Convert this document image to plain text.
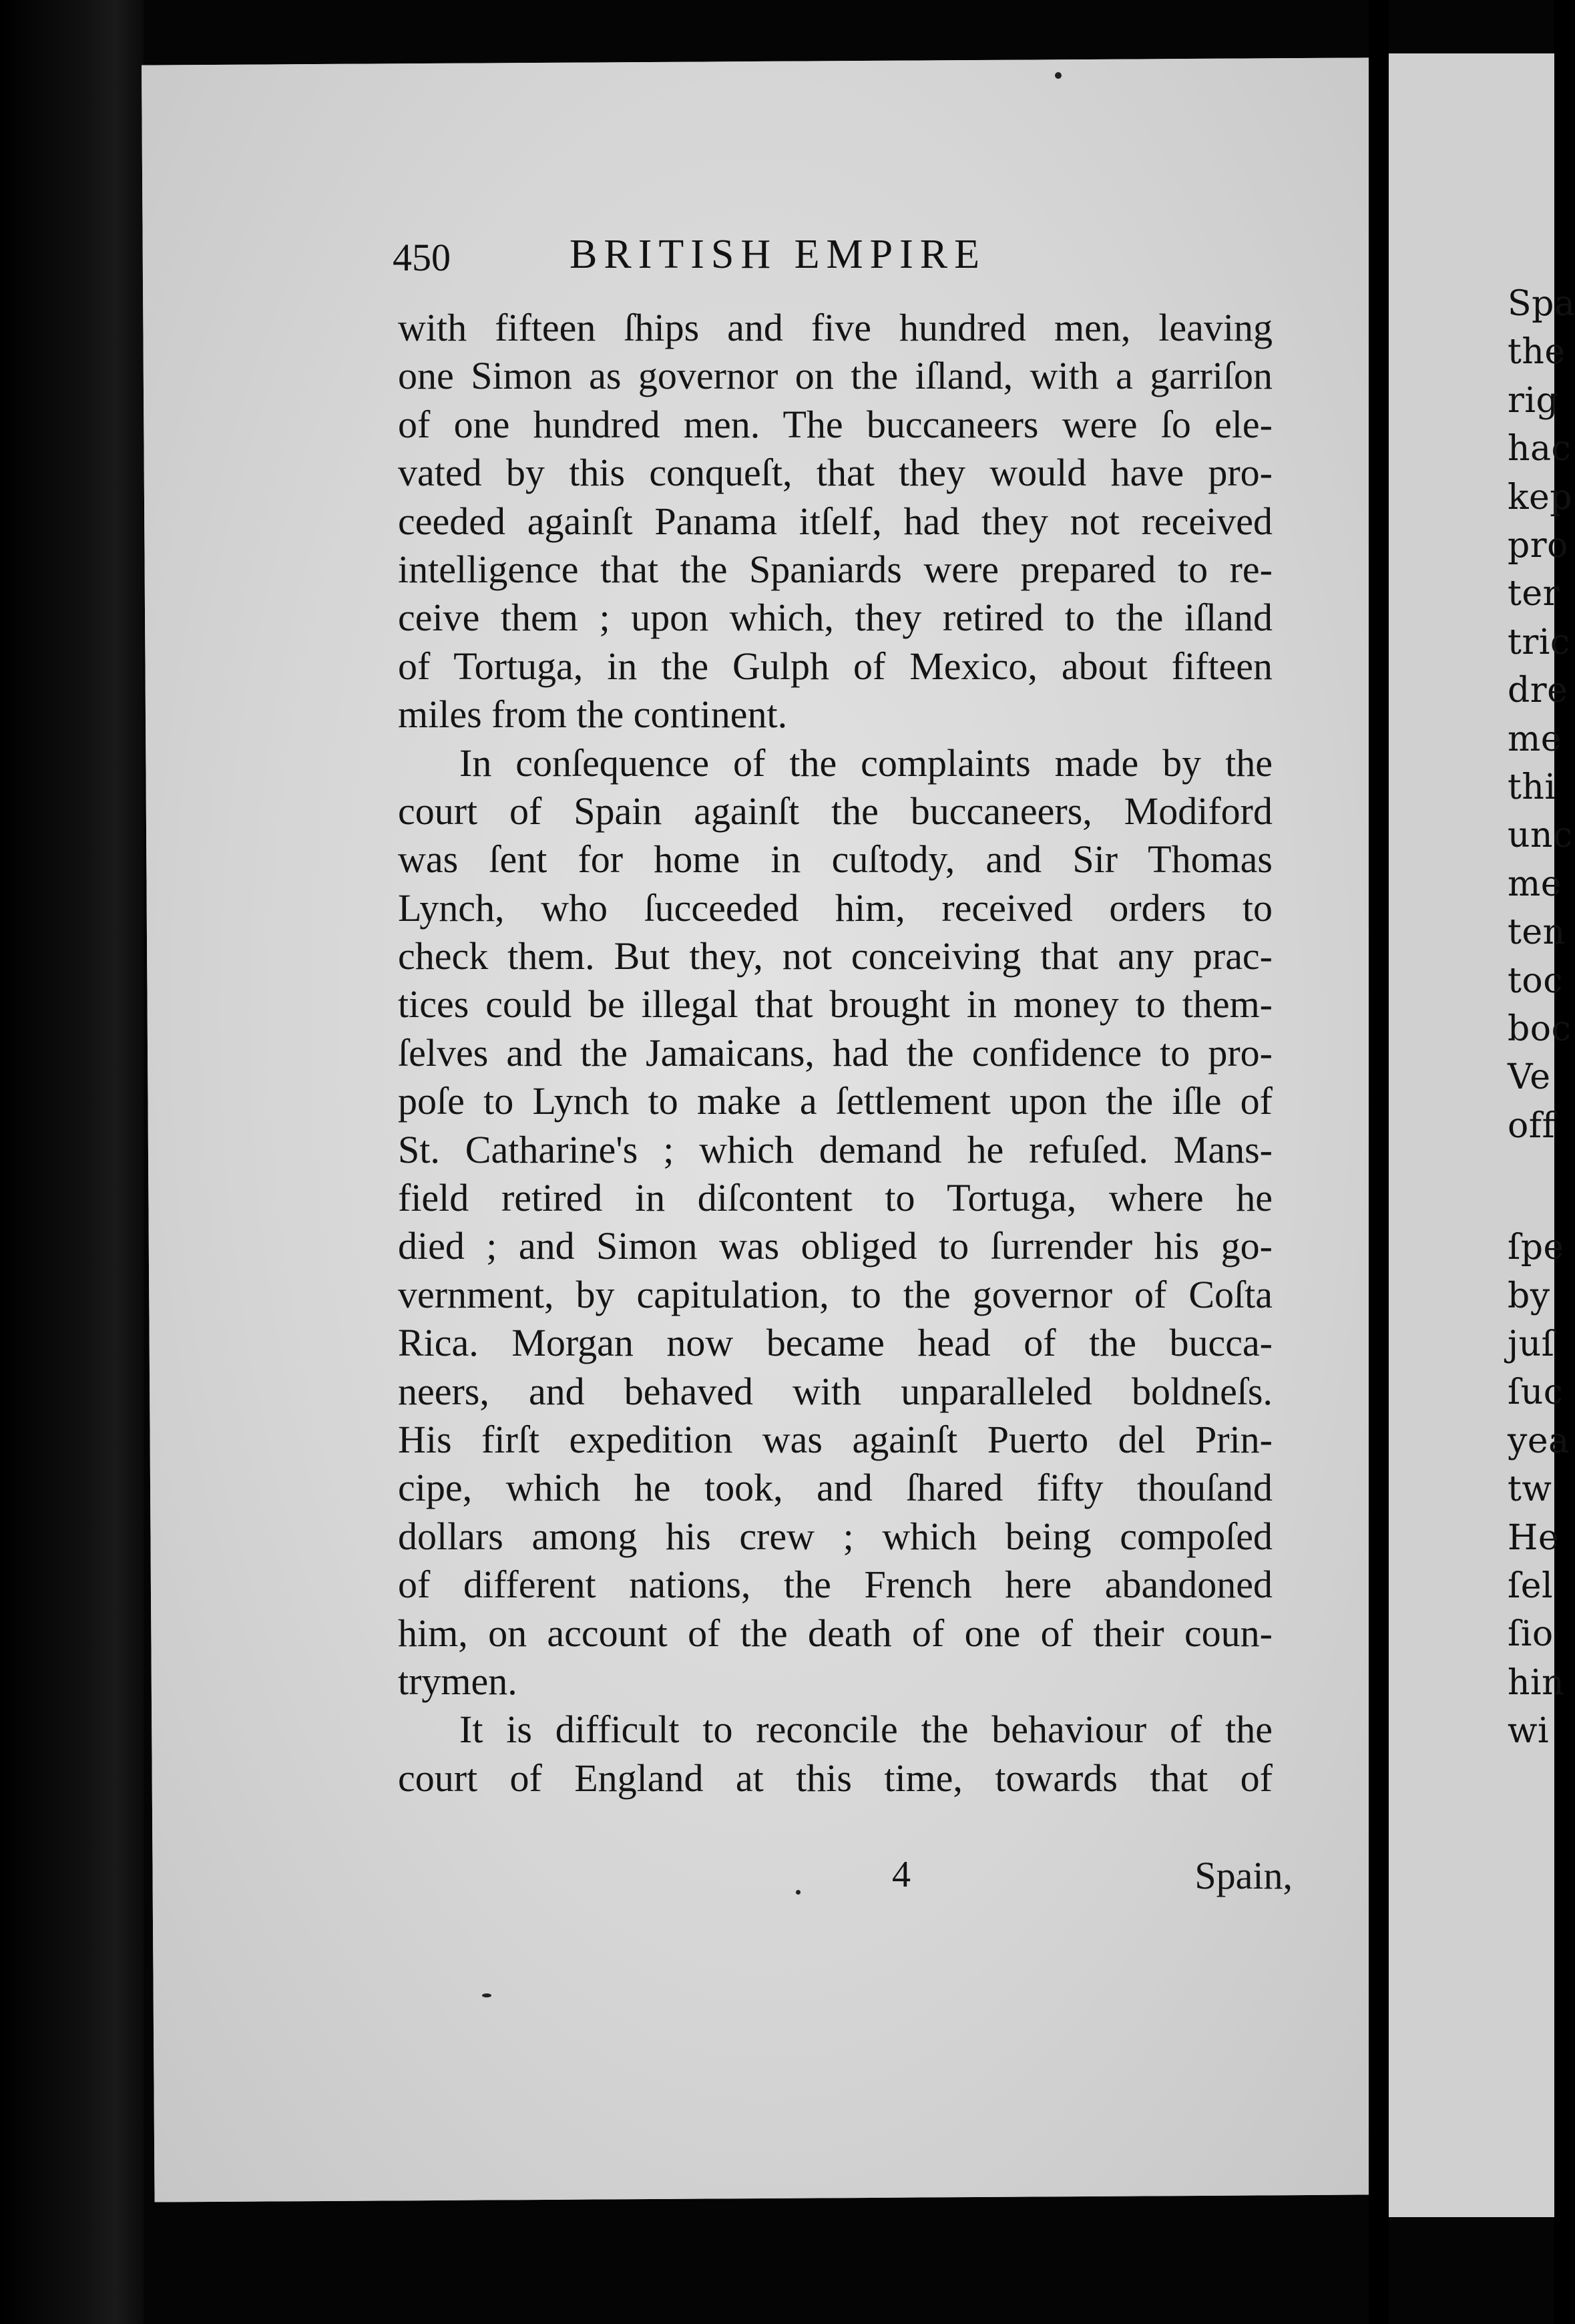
Spa
the
rig
hac
kep
pro
ter
tric
dre
me
thi
unc
me
ten
toc
boc
Ve
off
ſpe
by
juſ
ſuc
yea
tw
He
ſel
ſio
hin
wi
450	BRITISH EMPIRE
with fifteen ſhips and five hundred men, leaving
one Simon as governor on the iſland, with a garriſon
of one hundred men. The buccaneers were ſo ele-
vated by this conqueſt, that they would have pro-
ceeded againſt Panama itſelf, had they not received
intelligence that the Spaniards were prepared to re-
ceive them ; upon which, they retired to the iſland
of Tortuga, in the Gulph of Mexico, about fifteen
miles from the continent.
In conſequence of the complaints made by the
court of Spain againſt the buccaneers, Modiford
was ſent for home in cuſtody, and Sir Thomas
Lynch, who ſucceeded him, received orders to
check them. But they, not conceiving that any prac-
tices could be illegal that brought in money to them-
ſelves and the Jamaicans, had the confidence to pro-
poſe to Lynch to make a ſettlement upon the iſle of
St. Catharine's ; which demand he refuſed. Mans-
field retired in diſcontent to Tortuga, where he
died ; and Simon was obliged to ſurrender his go-
vernment, by capitulation, to the governor of Coſta
Rica. Morgan now became head of the bucca-
neers, and behaved with unparalleled boldneſs.
His firſt expedition was againſt Puerto del Prin-
cipe, which he took, and ſhared fifty thouſand
dollars among his crew ; which being compoſed
of different nations, the French here abandoned
him, on account of the death of one of their coun-
trymen.
It is difficult to reconcile the behaviour of the
court of England at this time, towards that of
4	Spain,
